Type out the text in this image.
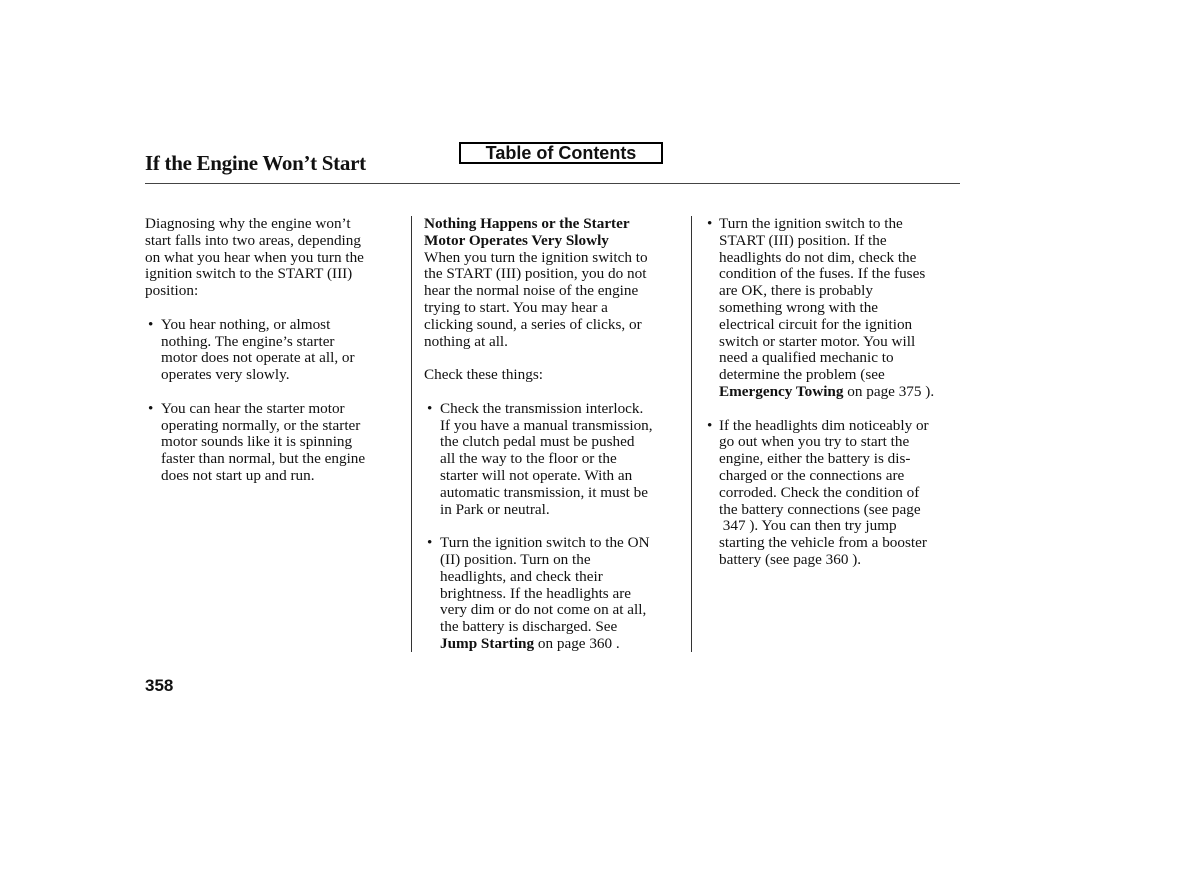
If the Engine Won’t Start	Table of Contents

Diagnosing why the engine won’t
start falls into two areas, depending
on what you hear when you turn the
ignition switch to the START (III)
position:

• You hear nothing, or almost
nothing. The engine’s starter
motor does not operate at all, or
operates very slowly.

• You can hear the starter motor
operating normally, or the starter
motor sounds like it is spinning
faster than normal, but the engine
does not start up and run.

Nothing Happens or the Starter
Motor Operates Very Slowly

When you turn the ignition switch to
the START (III) position, you do not
hear the normal noise of the engine
trying to start. You may hear a
clicking sound, a series of clicks, or
nothing at all.

Check these things:

• Check the transmission interlock.
If you have a manual transmission,
the clutch pedal must be pushed
all the way to the floor or the
starter will not operate. With an
automatic transmission, it must be
in Park or neutral.

• Turn the ignition switch to the ON
(II) position. Turn on the
headlights, and check their
brightness. If the headlights are
very dim or do not come on at all,
the battery is discharged. See
Jump Starting on page 360 .

• Turn the ignition switch to the
START (III) position. If the
headlights do not dim, check the
condition of the fuses. If the fuses
are OK, there is probably
something wrong with the
electrical circuit for the ignition
switch or starter motor. You will
need a qualified mechanic to
determine the problem (see
Emergency Towing on page 375 ).

• If the headlights dim noticeably or
go out when you try to start the
engine, either the battery is dis-
charged or the connections are
corroded. Check the condition of
the battery connections (see page
347 ). You can then try jump
starting the vehicle from a booster
battery (see page 360 ).

358
